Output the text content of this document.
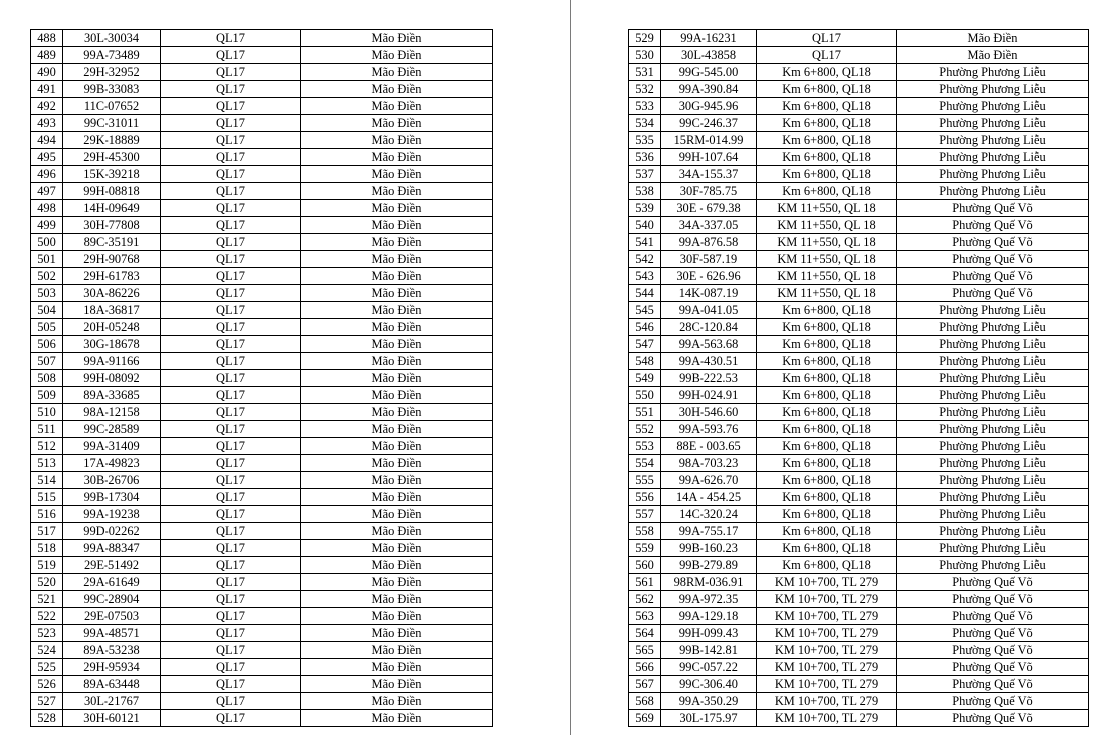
488	30L-30034	QL17	Mão Điền
489	99A-73489	QL17	Mão Điền
490	29H-32952	QL17	Mão Điền
491	99B-33083	QL17	Mão Điền
492	11C-07652	QL17	Mão Điền
493	99C-31011	QL17	Mão Điền
494	29K-18889	QL17	Mão Điền
495	29H-45300	QL17	Mão Điền
496	15K-39218	QL17	Mão Điền
497	99H-08818	QL17	Mão Điền
498	14H-09649	QL17	Mão Điền
499	30H-77808	QL17	Mão Điền
500	89C-35191	QL17	Mão Điền
501	29H-90768	QL17	Mão Điền
502	29H-61783	QL17	Mão Điền
503	30A-86226	QL17	Mão Điền
504	18A-36817	QL17	Mão Điền
505	20H-05248	QL17	Mão Điền
506	30G-18678	QL17	Mão Điền
507	99A-91166	QL17	Mão Điền
508	99H-08092	QL17	Mão Điền
509	89A-33685	QL17	Mão Điền
510	98A-12158	QL17	Mão Điền
511	99C-28589	QL17	Mão Điền
512	99A-31409	QL17	Mão Điền
513	17A-49823	QL17	Mão Điền
514	30B-26706	QL17	Mão Điền
515	99B-17304	QL17	Mão Điền
516	99A-19238	QL17	Mão Điền
517	99D-02262	QL17	Mão Điền
518	99A-88347	QL17	Mão Điền
519	29E-51492	QL17	Mão Điền
520	29A-61649	QL17	Mão Điền
521	99C-28904	QL17	Mão Điền
522	29E-07503	QL17	Mão Điền
523	99A-48571	QL17	Mão Điền
524	89A-53238	QL17	Mão Điền
525	29H-95934	QL17	Mão Điền
526	89A-63448	QL17	Mão Điền
527	30L-21767	QL17	Mão Điền
528	30H-60121	QL17	Mão Điền
529	99A-16231	QL17	Mão Điền
530	30L-43858	QL17	Mão Điền
531	99G-545.00	Km 6+800, QL18	Phường Phương Liễu
532	99A-390.84	Km 6+800, QL18	Phường Phương Liễu
533	30G-945.96	Km 6+800, QL18	Phường Phương Liễu
534	99C-246.37	Km 6+800, QL18	Phường Phương Liễu
535	15RM-014.99	Km 6+800, QL18	Phường Phương Liễu
536	99H-107.64	Km 6+800, QL18	Phường Phương Liễu
537	34A-155.37	Km 6+800, QL18	Phường Phương Liễu
538	30F-785.75	Km 6+800, QL18	Phường Phương Liễu
539	30E - 679.38	KM 11+550, QL 18	Phường Quế Võ
540	34A-337.05	KM 11+550, QL 18	Phường Quế Võ
541	99A-876.58	KM 11+550, QL 18	Phường Quế Võ
542	30F-587.19	KM 11+550, QL 18	Phường Quế Võ
543	30E - 626.96	KM 11+550, QL 18	Phường Quế Võ
544	14K-087.19	KM 11+550, QL 18	Phường Quế Võ
545	99A-041.05	Km 6+800, QL18	Phường Phương Liễu
546	28C-120.84	Km 6+800, QL18	Phường Phương Liễu
547	99A-563.68	Km 6+800, QL18	Phường Phương Liễu
548	99A-430.51	Km 6+800, QL18	Phường Phương Liễu
549	99B-222.53	Km 6+800, QL18	Phường Phương Liễu
550	99H-024.91	Km 6+800, QL18	Phường Phương Liễu
551	30H-546.60	Km 6+800, QL18	Phường Phương Liễu
552	99A-593.76	Km 6+800, QL18	Phường Phương Liễu
553	88E - 003.65	Km 6+800, QL18	Phường Phương Liễu
554	98A-703.23	Km 6+800, QL18	Phường Phương Liễu
555	99A-626.70	Km 6+800, QL18	Phường Phương Liễu
556	14A - 454.25	Km 6+800, QL18	Phường Phương Liễu
557	14C-320.24	Km 6+800, QL18	Phường Phương Liễu
558	99A-755.17	Km 6+800, QL18	Phường Phương Liễu
559	99B-160.23	Km 6+800, QL18	Phường Phương Liễu
560	99B-279.89	Km 6+800, QL18	Phường Phương Liễu
561	98RM-036.91	KM 10+700, TL 279	Phường Quế Võ
562	99A-972.35	KM 10+700, TL 279	Phường Quế Võ
563	99A-129.18	KM 10+700, TL 279	Phường Quế Võ
564	99H-099.43	KM 10+700, TL 279	Phường Quế Võ
565	99B-142.81	KM 10+700, TL 279	Phường Quế Võ
566	99C-057.22	KM 10+700, TL 279	Phường Quế Võ
567	99C-306.40	KM 10+700, TL 279	Phường Quế Võ
568	99A-350.29	KM 10+700, TL 279	Phường Quế Võ
569	30L-175.97	KM 10+700, TL 279	Phường Quế Võ
